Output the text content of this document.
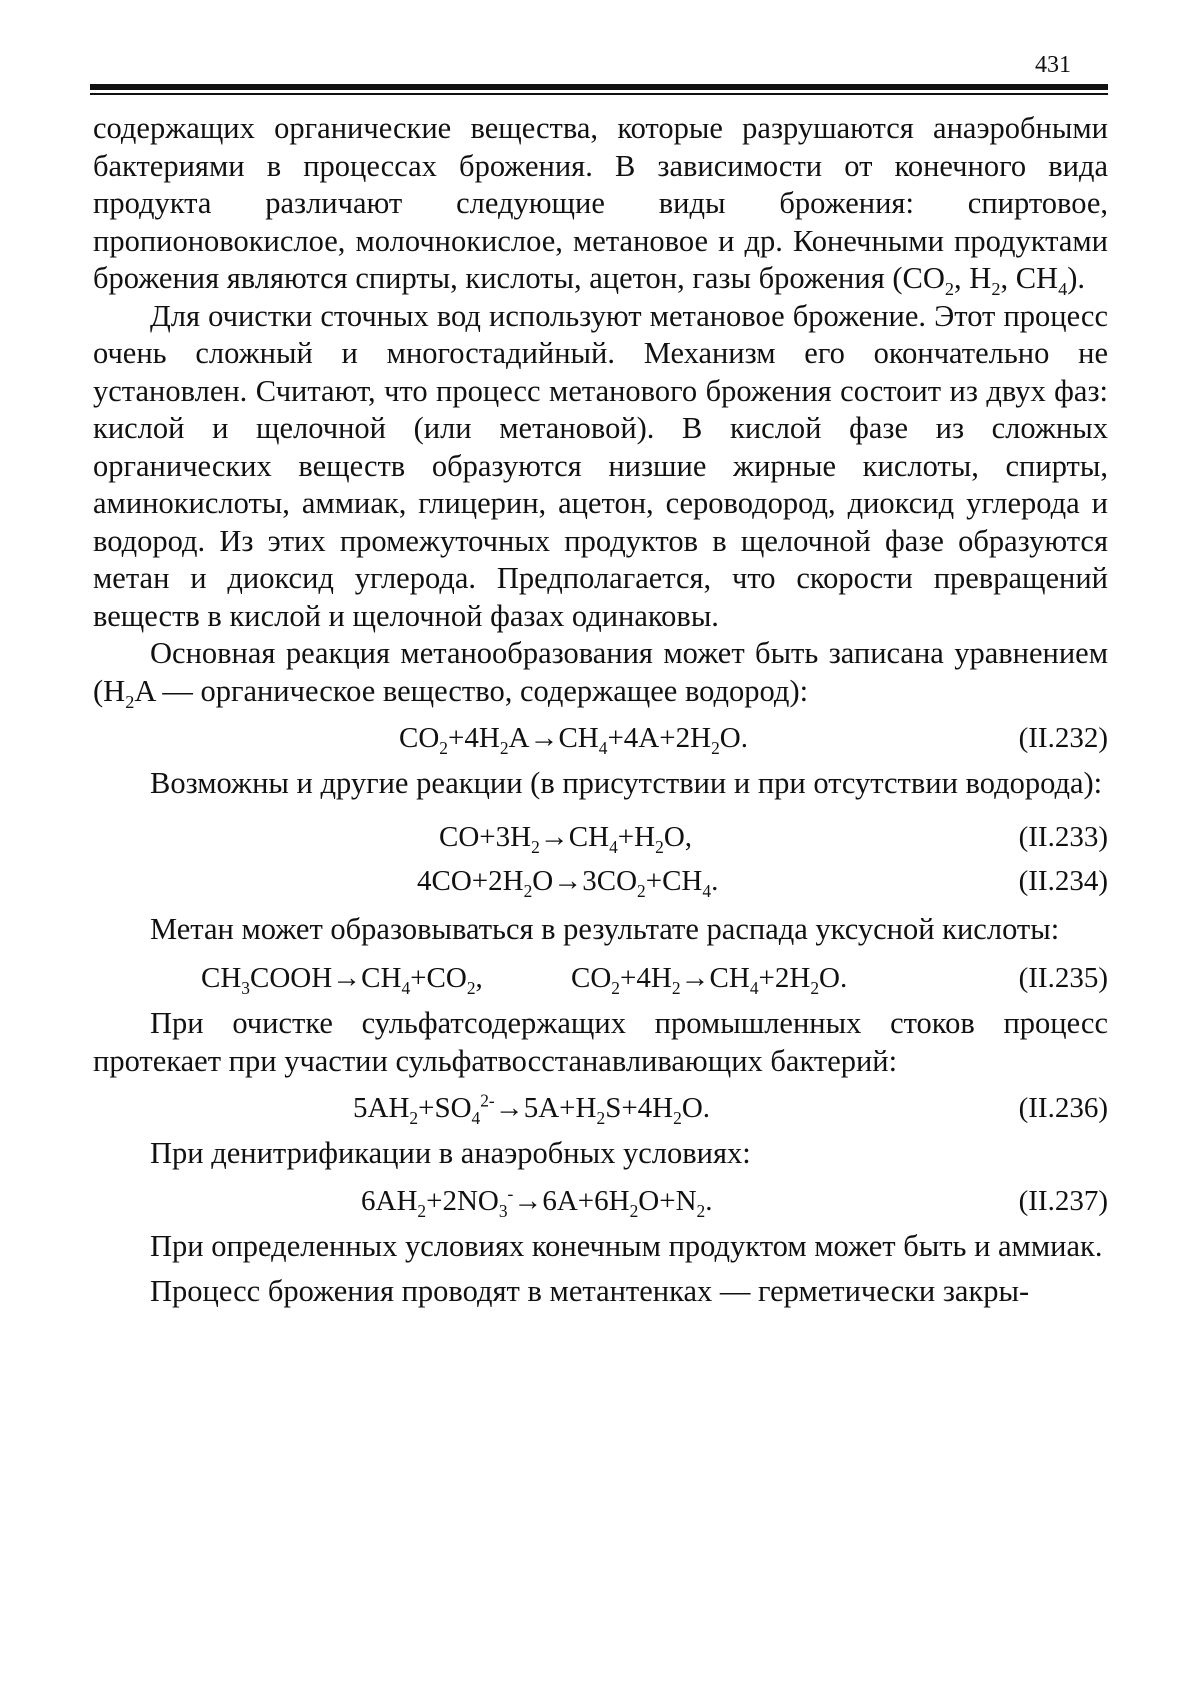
431

содержащих органические вещества, которые разрушаются анаэробными бактериями в процессах брожения. В зависимости от конечного вида продукта различают следующие виды брожения: спиртовое, пропионовокислое, молочнокислое, метановое и др. Конечными продуктами брожения являются спирты, кислоты, ацетон, газы брожения ($CO_2$, $H_2$, $CH_4$).

Для очистки сточных вод используют метановое брожение. Этот процесс очень сложный и многостадийный. Механизм его окончательно не установлен. Считают, что процесс метанового брожения состоит из двух фаз: кислой и щелочной (или метановой). В кислой фазе из сложных органических веществ образуются низшие жирные кислоты, спирты, аминокислоты, аммиак, глицерин, ацетон, сероводород, диоксид углерода и водород. Из этих промежуточных продуктов в щелочной фазе образуются метан и диоксид углерода. Предполагается, что скорости превращений веществ в кислой и щелочной фазах одинаковы.

Основная реакция метанообразования может быть записана уравнением ($H_2A$ — органическое вещество, содержащее водород):

$CO_2+4H_2A\to CH_4+4A+2H_2O$.	(II.232)

Возможны и другие реакции (в присутствии и при отсутствии водорода):

$CO+3H_2\to CH_4+H_2O$,	(II.233)
$4CO+2H_2O\to 3CO_2+CH_4$.	(II.234)

Метан может образовываться в результате распада уксусной кислоты:

$CH_3COOH\to CH_4+CO_2$,	$CO_2+4H_2\to CH_4+2H_2O$.	(II.235)

При очистке сульфатсодержащих промышленных стоков процесс протекает при участии сульфатвосстанавливающих бактерий:

$5AH_2+SO_4^{2-}\to 5A+H_2S+4H_2O$.	(II.236)

При денитрификации в анаэробных условиях:

$6AH_2+2NO_3^-\to 6A+6H_2O+N_2$.	(II.237)

При определенных условиях конечным продуктом может быть и аммиак.

Процесс брожения проводят в метантенках — герметически закры-
